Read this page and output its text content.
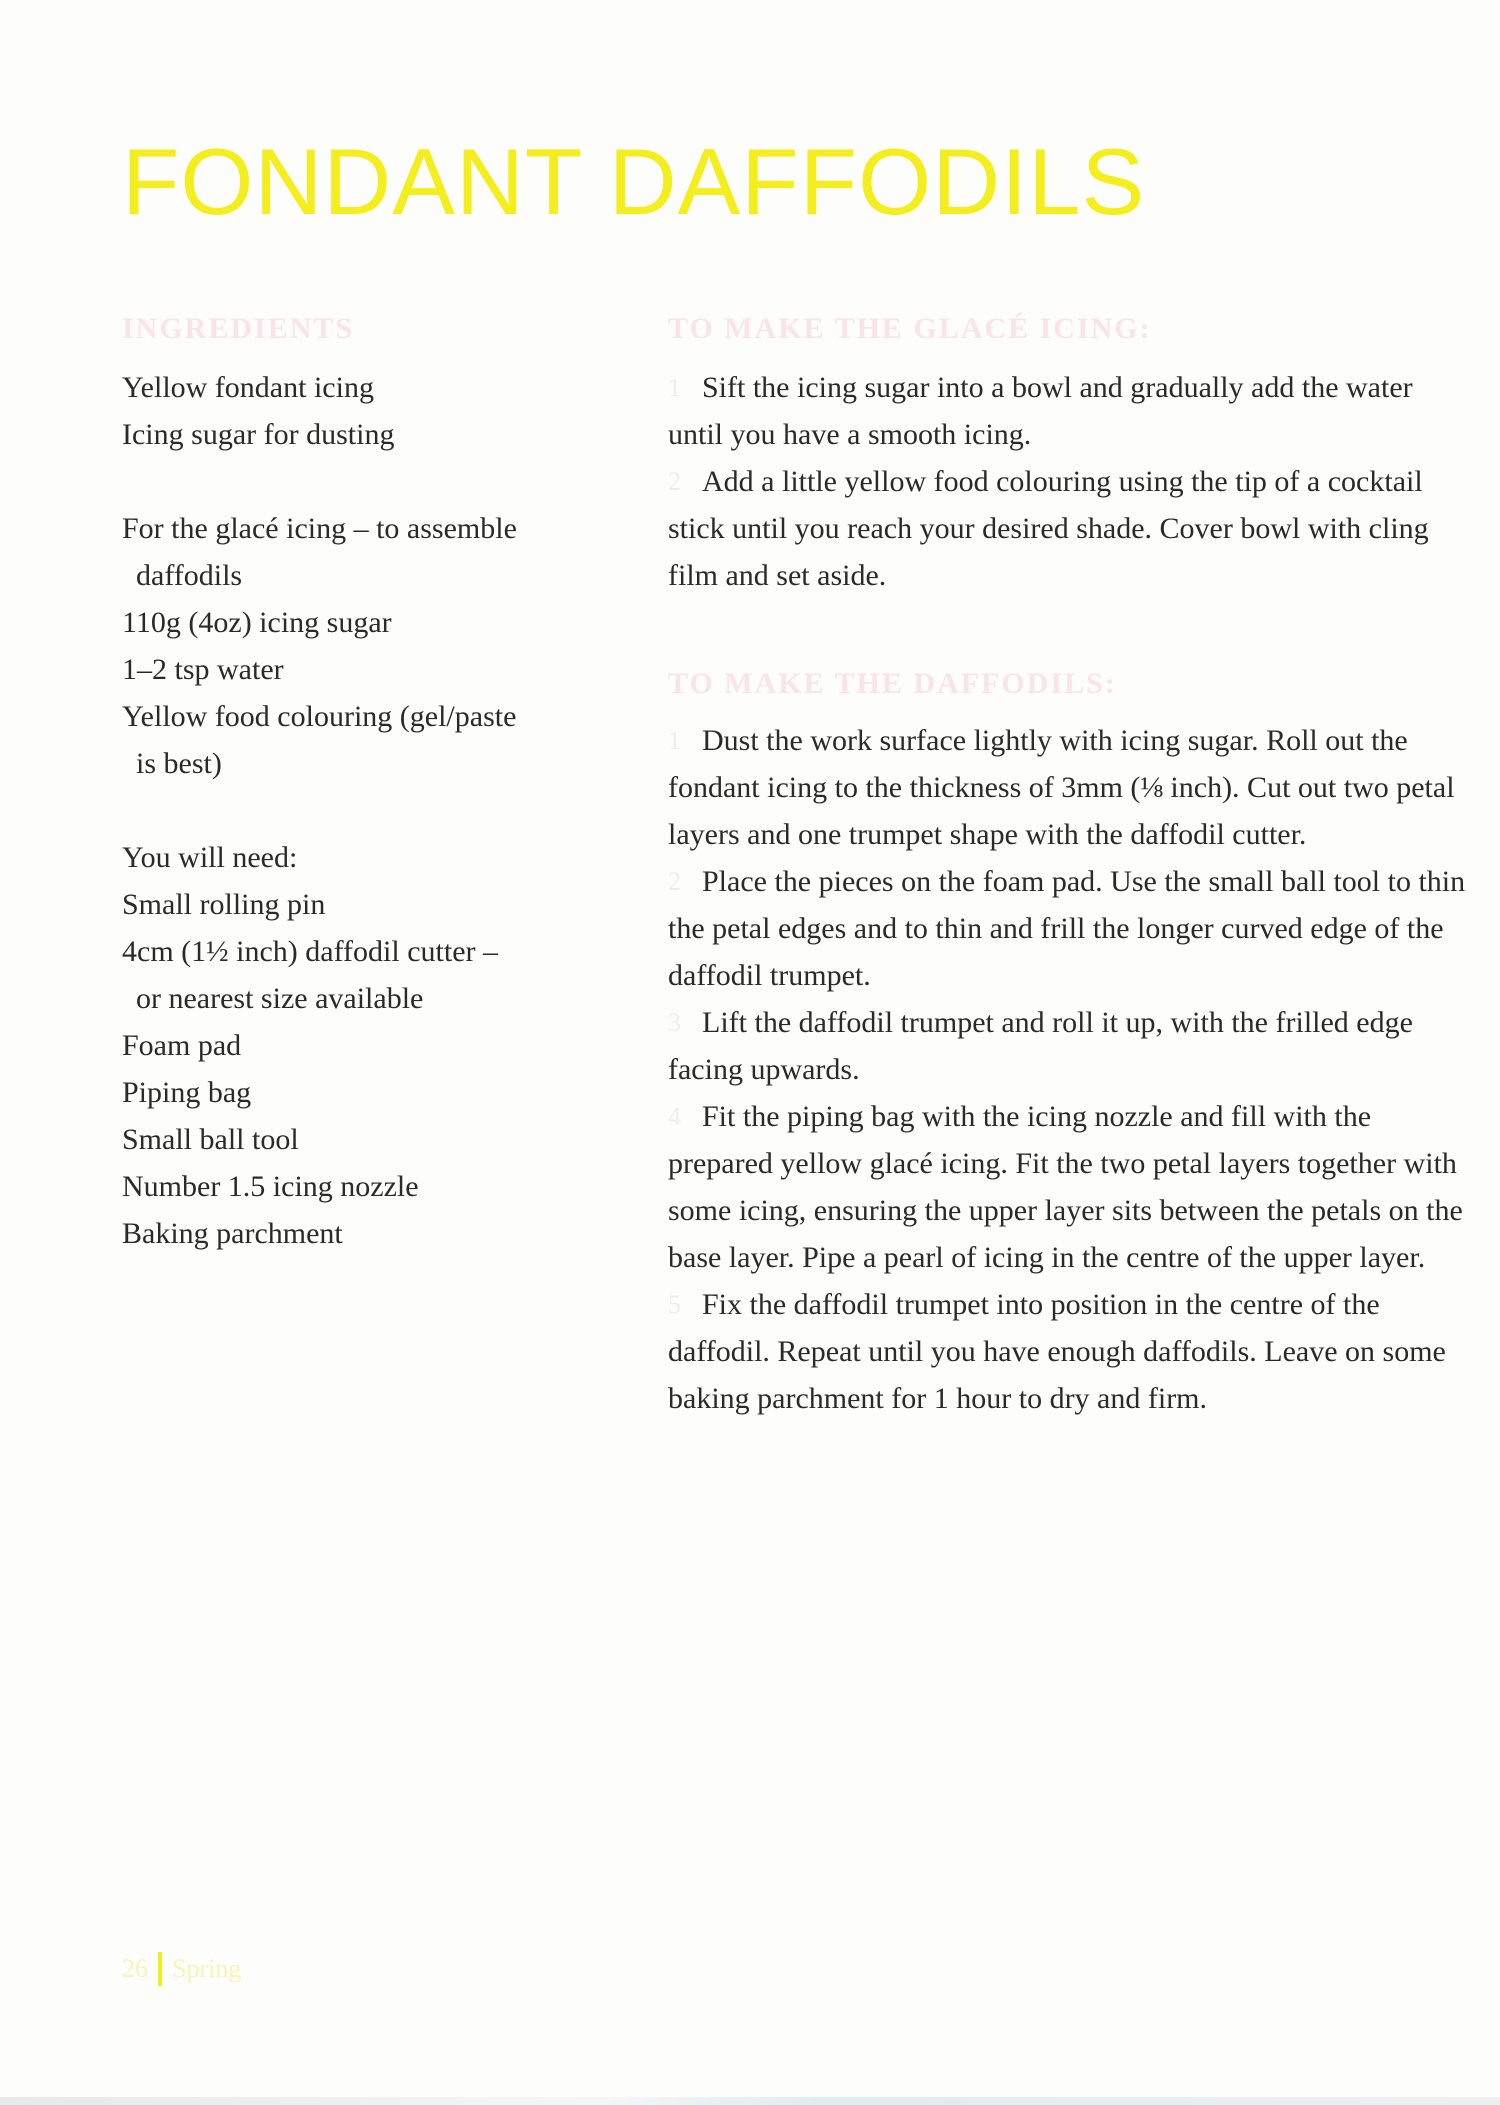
FONDANT DAFFODILS
INGREDIENTS

Yellow fondant icing

Icing sugar for dusting

For the glacé icing – to assemble

daffodils

110g (4oz) icing sugar

1–2 tsp water

Yellow food colouring (gel/paste

is best)

You will need:

Small rolling pin

4cm (1½ inch) daffodil cutter –

or nearest size available

Foam pad

Piping bag

Small ball tool

Number 1.5 icing nozzle

Baking parchment

TO MAKE THE GLACÉ ICING:

1 Sift the icing sugar into a bowl and gradually add the water until you have a smooth icing.

2 Add a little yellow food colouring using the tip of a cocktail stick until you reach your desired shade. Cover bowl with cling film and set aside.

TO MAKE THE DAFFODILS:

1 Dust the work surface lightly with icing sugar. Roll out the fondant icing to the thickness of 3mm (⅛ inch). Cut out two petal layers and one trumpet shape with the daffodil cutter.

2 Place the pieces on the foam pad. Use the small ball tool to thin the petal edges and to thin and frill the longer curved edge of the daffodil trumpet.

3 Lift the daffodil trumpet and roll it up, with the frilled edge facing upwards.

4 Fit the piping bag with the icing nozzle and fill with the prepared yellow glacé icing. Fit the two petal layers together with some icing, ensuring the upper layer sits between the petals on the base layer. Pipe a pearl of icing in the centre of the upper layer.

5 Fix the daffodil trumpet into position in the centre of the daffodil. Repeat until you have enough daffodils. Leave on some baking parchment for 1 hour to dry and firm.

26 Spring
